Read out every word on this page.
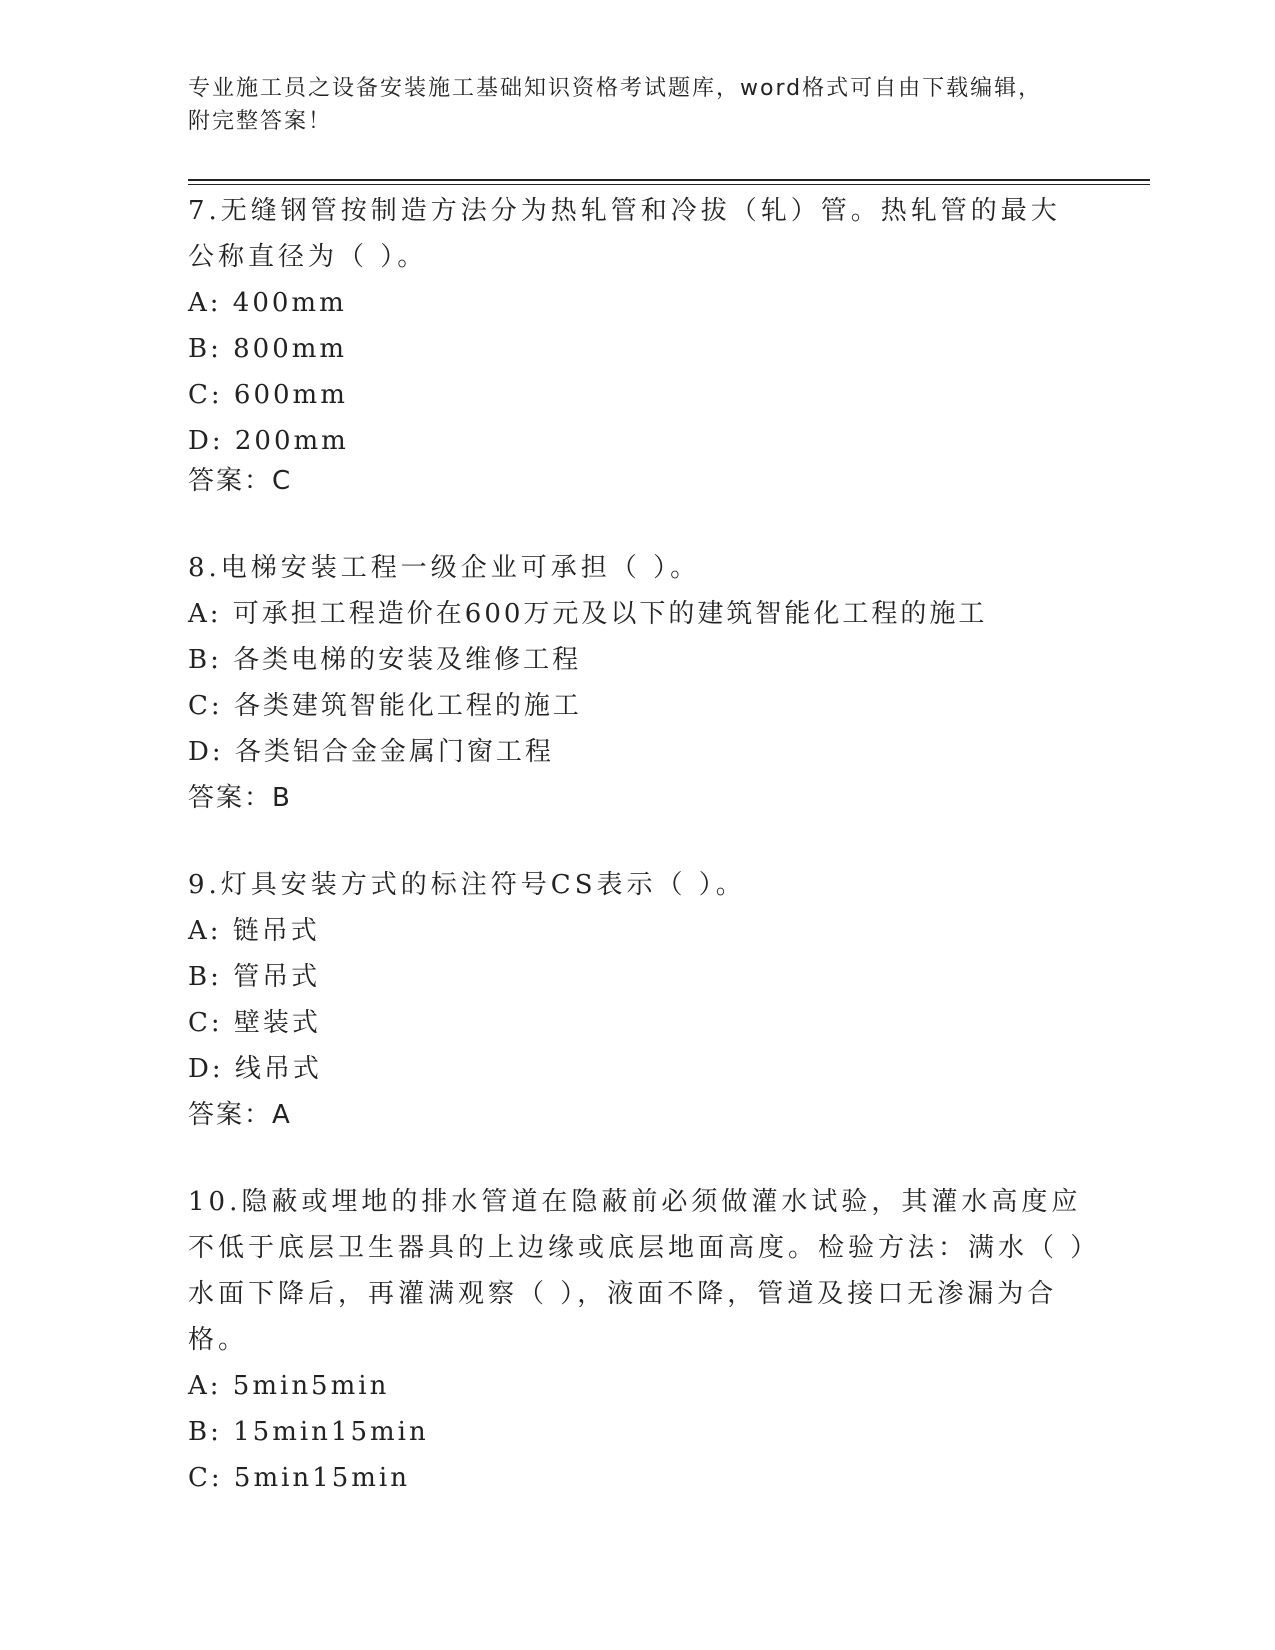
专业施工员之设备安装施工基础知识资格考试题库，word格式可自由下载编辑，

附完整答案！

7.无缝钢管按制造方法分为热轧管和冷拔（轧）管。热轧管的最大公称直径为（ ）。

A: 400mm

B: 800mm

C: 600mm

D: 200mm

答案：C

8.电梯安装工程一级企业可承担（ ）。

A: 可承担工程造价在600万元及以下的建筑智能化工程的施工

B: 各类电梯的安装及维修工程

C: 各类建筑智能化工程的施工

D: 各类铝合金金属门窗工程

答案：B

9.灯具安装方式的标注符号CS表示（ ）。

A: 链吊式

B: 管吊式

C: 壁装式

D: 线吊式

答案：A

10.隐蔽或埋地的排水管道在隐蔽前必须做灌水试验，其灌水高度应不低于底层卫生器具的上边缘或底层地面高度。检验方法：满水（ ）水面下降后，再灌满观察（ ），液面不降，管道及接口无渗漏为合格。

A: 5min5min

B: 15min15min

C: 5min15min
